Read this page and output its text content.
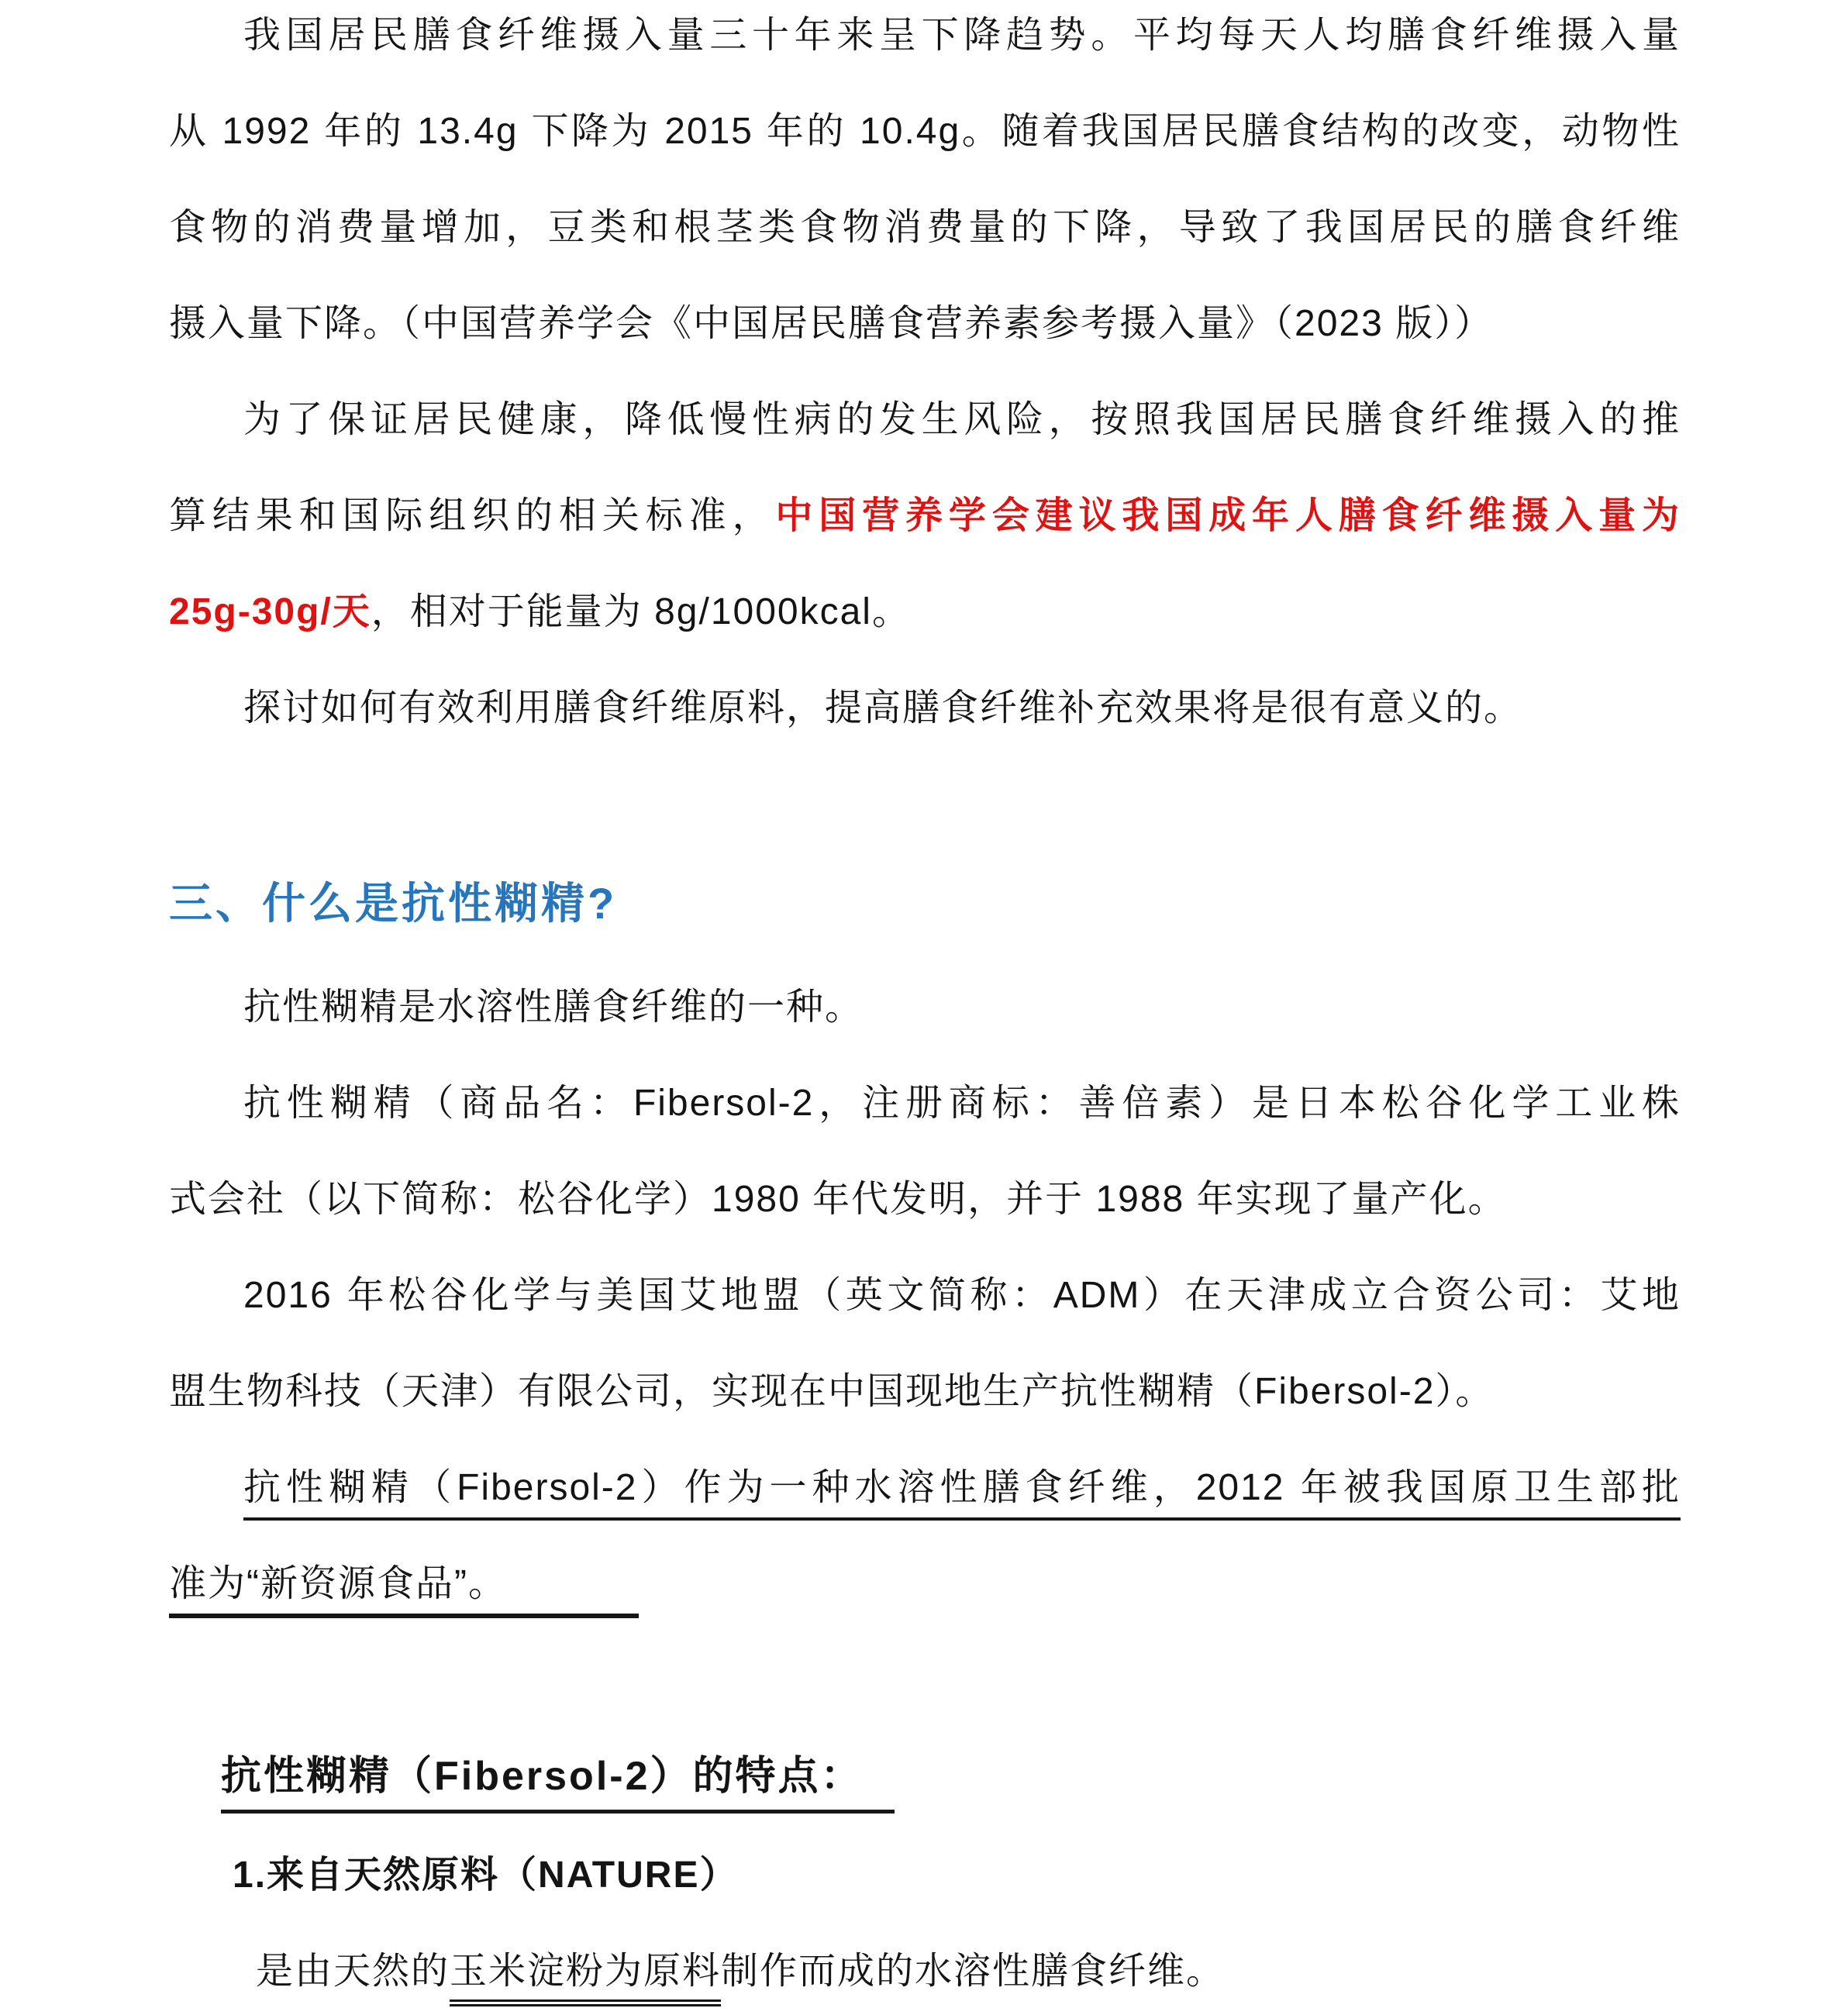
我国居民膳食纤维摄入量三十年来呈下降趋势。平均每天人均膳食纤维摄入量
从 1992 年的 13.4g 下降为 2015 年的 10.4g。随着我国居民膳食结构的改变，动物性
食物的消费量增加，豆类和根茎类食物消费量的下降，导致了我国居民的膳食纤维
摄入量下降。（中国营养学会《中国居民膳食营养素参考摄入量》（2023 版））
为了保证居民健康，降低慢性病的发生风险，按照我国居民膳食纤维摄入的推
算结果和国际组织的相关标准，中国营养学会建议我国成年人膳食纤维摄入量为
25g-30g/天，相对于能量为 8g/1000kcal。
探讨如何有效利用膳食纤维原料，提高膳食纤维补充效果将是很有意义的。
三、什么是抗性糊精?
抗性糊精是水溶性膳食纤维的一种。
抗性糊精（商品名：Fibersol-2，注册商标：善倍素）是日本松谷化学工业株
式会社（以下简称：松谷化学）1980 年代发明，并于 1988 年实现了量产化。
2016 年松谷化学与美国艾地盟（英文简称：ADM）在天津成立合资公司：艾地
盟生物科技（天津）有限公司，实现在中国现地生产抗性糊精（Fibersol-2）。
抗性糊精（Fibersol-2）作为一种水溶性膳食纤维，2012 年被我国原卫生部批
准为“新资源食品”。
抗性糊精（Fibersol-2）的特点：
1.来自天然原料（NATURE）
是由天然的玉米淀粉为原料制作而成的水溶性膳食纤维。
